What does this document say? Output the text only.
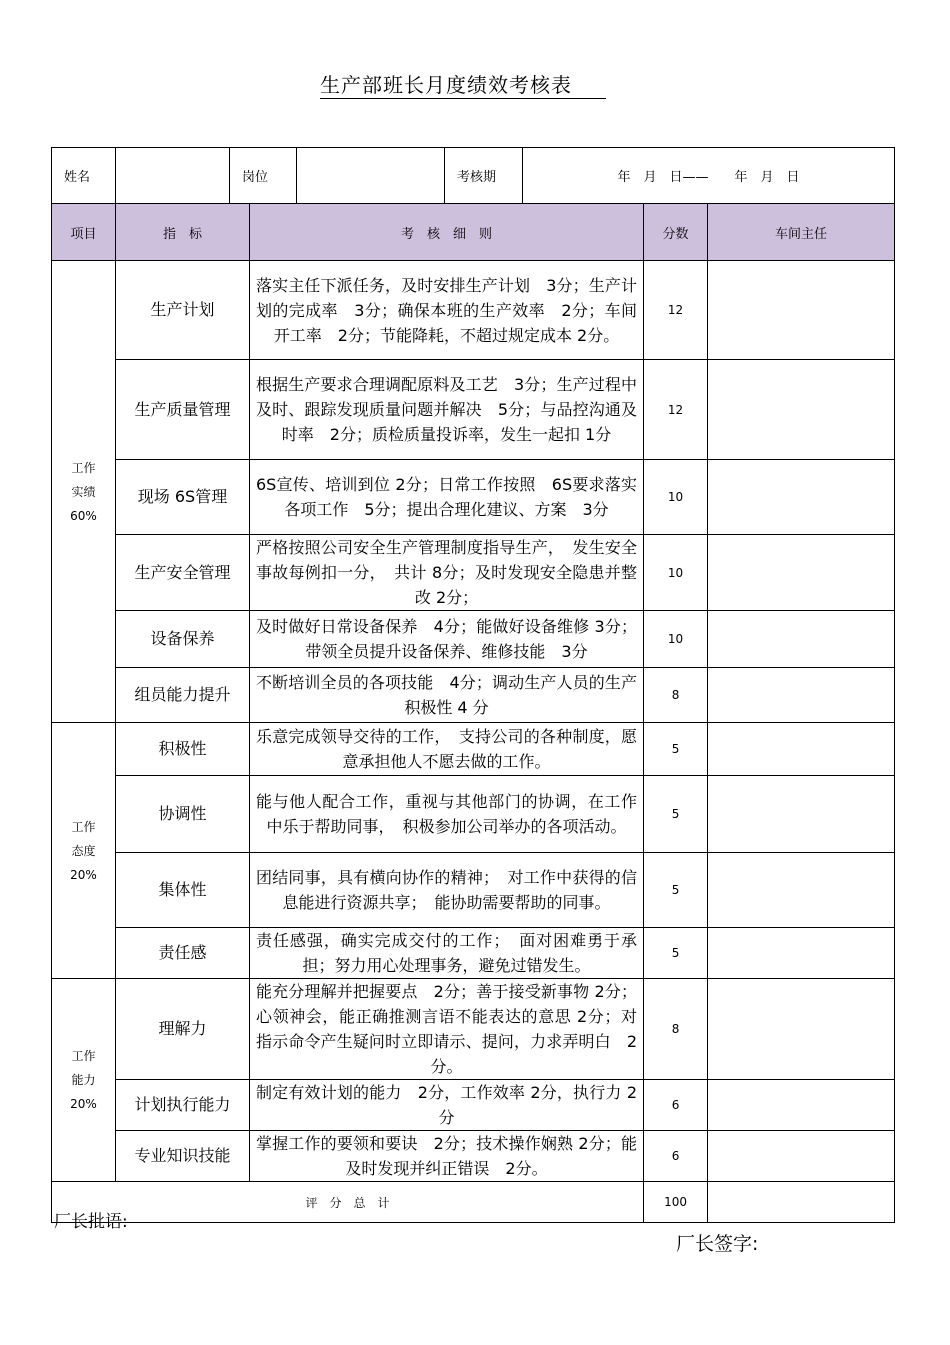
生产部班长月度绩效考核表
姓名		岗位			考核期	年　月　日——　　年　月　日		
项目	指　标		考　核　细　则				分数	车间主任

工作
实绩
60%	生产计划		落实主任下派任务，及时安排生产计划　3分；生产计划的完成率　3分；确保本班的生产效率　2分；车间开工率　2分；节能降耗，不超过规定成本 2分。				12	
	生产质量管理		根据生产要求合理调配原料及工艺　3分；生产过程中及时、跟踪发现质量问题并解决　5分；与品控沟通及时率　2分；质检质量投诉率，发生一起扣 1分				12	
	现场 6S管理		6S宣传、培训到位 2分；日常工作按照　6S要求落实各项工作　5分；提出合理化建议、方案　3分				10	
	生产安全管理		严格按照公司安全生产管理制度指导生产，　发生安全事故每例扣一分，　共计 8分；及时发现安全隐患并整改 2分；				10	
	设备保养		及时做好日常设备保养　4分；能做好设备维修 3分；带领全员提升设备保养、维修技能　3分				10	
	组员能力提升		不断培训全员的各项技能　4分；调动生产人员的生产积极性 4 分				8	

工作
态度
20%	积极性		乐意完成领导交待的工作，　支持公司的各种制度，愿意承担他人不愿去做的工作。				5	
	协调性		能与他人配合工作，重视与其他部门的协调，在工作中乐于帮助同事，　积极参加公司举办的各项活动。				5	
	集体性		团结同事，具有横向协作的精神；　对工作中获得的信息能进行资源共享；　能协助需要帮助的同事。				5	
	责任感		责任感强，确实完成交付的工作；　面对困难勇于承担；努力用心处理事务，避免过错发生。				5	

工作
能力
20%	理解力		能充分理解并把握要点　2分；善于接受新事物 2分；心领神会，能正确推测言语不能表达的意思 2分；对指示命令产生疑问时立即请示、提问，力求弄明白　2分。				8	
	计划执行能力		制定有效计划的能力　2分，工作效率 2分，执行力 2分				6	
	专业知识技能		掌握工作的要领和要诀　2分；技术操作娴熟 2分；能及时发现并纠正错误　2分。				6	
评　分　总　计							100	
厂长批语:
厂长签字:
